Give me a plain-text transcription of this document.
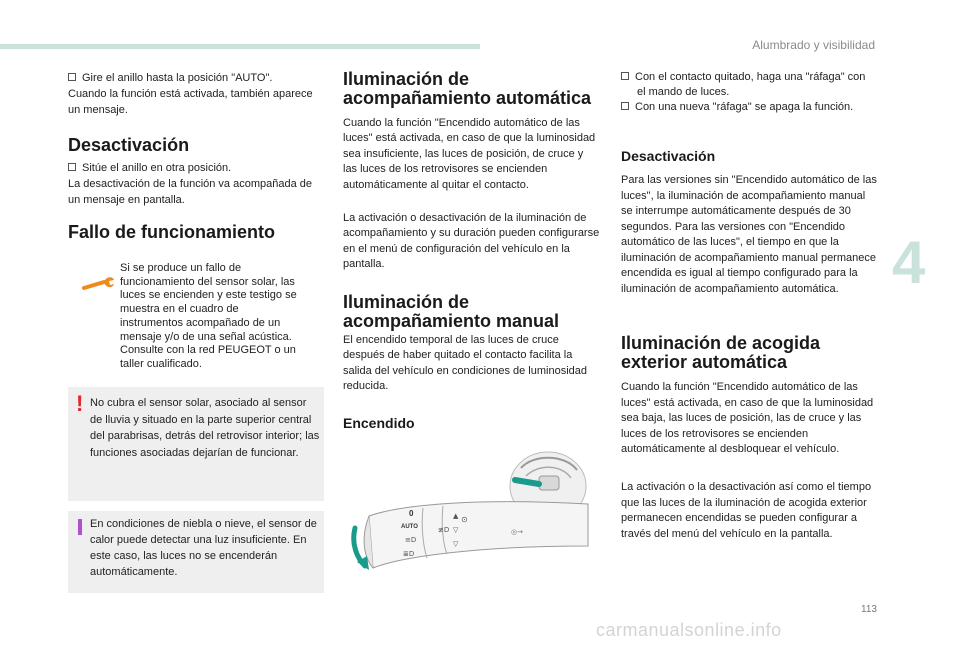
Alumbrado y visibilidad
4
113
carmanualsonline.info
Gire el anillo hasta la posición "AUTO".
Cuando la función está activada, también aparece un mensaje.
Desactivación
Sitúe el anillo en otra posición.
La desactivación de la función va acompañada de un mensaje en pantalla.
Fallo de funcionamiento
Si se produce un fallo de funcionamiento del sensor solar, las luces se encienden y este testigo se muestra en el cuadro de instrumentos acompañado de un mensaje y/o de una señal acústica. Consulte con la red PEUGEOT o un taller cualificado.
! No cubra el sensor solar, asociado al sensor de lluvia y situado en la parte superior central del parabrisas, detrás del retrovisor interior; las funciones asociadas dejarían de funcionar.
En condiciones de niebla o nieve, el sensor de calor puede detectar una luz insuficiente. En este caso, las luces no se encenderán automáticamente.
Iluminación de acompañamiento automática
Cuando la función "Encendido automático de las luces" está activada, en caso de que la luminosidad sea insuficiente, las luces de posición, de cruce y las luces de los retrovisores se encienden automáticamente al quitar el contacto.
La activación o desactivación de la iluminación de acompañamiento y su duración pueden configurarse en el menú de configuración del vehículo en la pantalla.
Iluminación de acompañamiento manual
El encendido temporal de las luces de cruce después de haber quitado el contacto facilita la salida del vehículo en condiciones de luminosidad reducida.
Encendido
0
AUTO
≡D
≣D
▲
▽
▽
≢D	◎→
⊙
Con el contacto quitado, haga una "ráfaga" con el mando de luces.
Con una nueva "ráfaga" se apaga la función.
Desactivación
Para las versiones sin "Encendido automático de las luces", la iluminación de acompañamiento manual se interrumpe automáticamente después de 30 segundos. Para las versiones con "Encendido automático de las luces", el tiempo en que la iluminación de acompañamiento manual permanece encendida es igual al tiempo configurado para la iluminación de acompañamiento automática.
Iluminación de acogida exterior automática
Cuando la función "Encendido automático de las luces" está activada, en caso de que la luminosidad sea baja, las luces de posición, las de cruce y las luces de los retrovisores se encienden automáticamente al desbloquear el vehículo.
La activación o la desactivación así como el tiempo que las luces de la iluminación de acogida exterior permanecen encendidas se pueden configurar a través del menú del vehículo en la pantalla.
